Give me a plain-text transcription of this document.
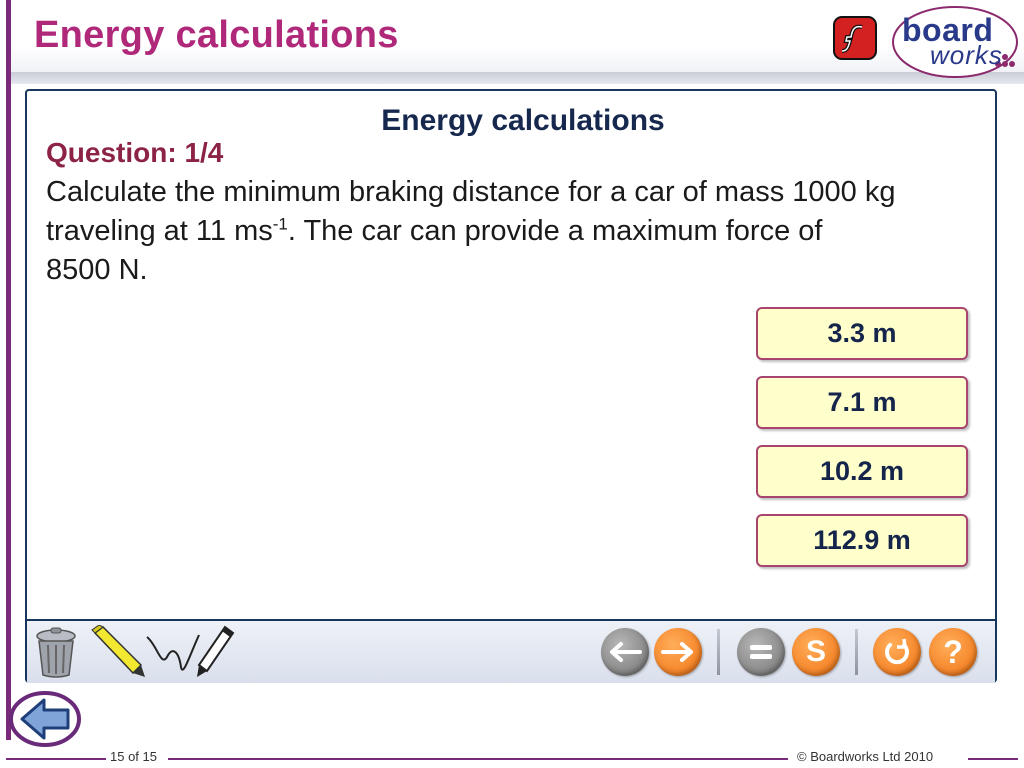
Energy calculations	board
works
Energy calculations
Question: 1/4
Calculate the minimum braking distance for a car of mass 1000 kg
traveling at 11 $ms^{-1}$. The car can provide a maximum force of
8500 N.
3.3 m
7.1 m
10.2 m
112.9 m
S	?
15 of 15	© Boardworks Ltd 2010
